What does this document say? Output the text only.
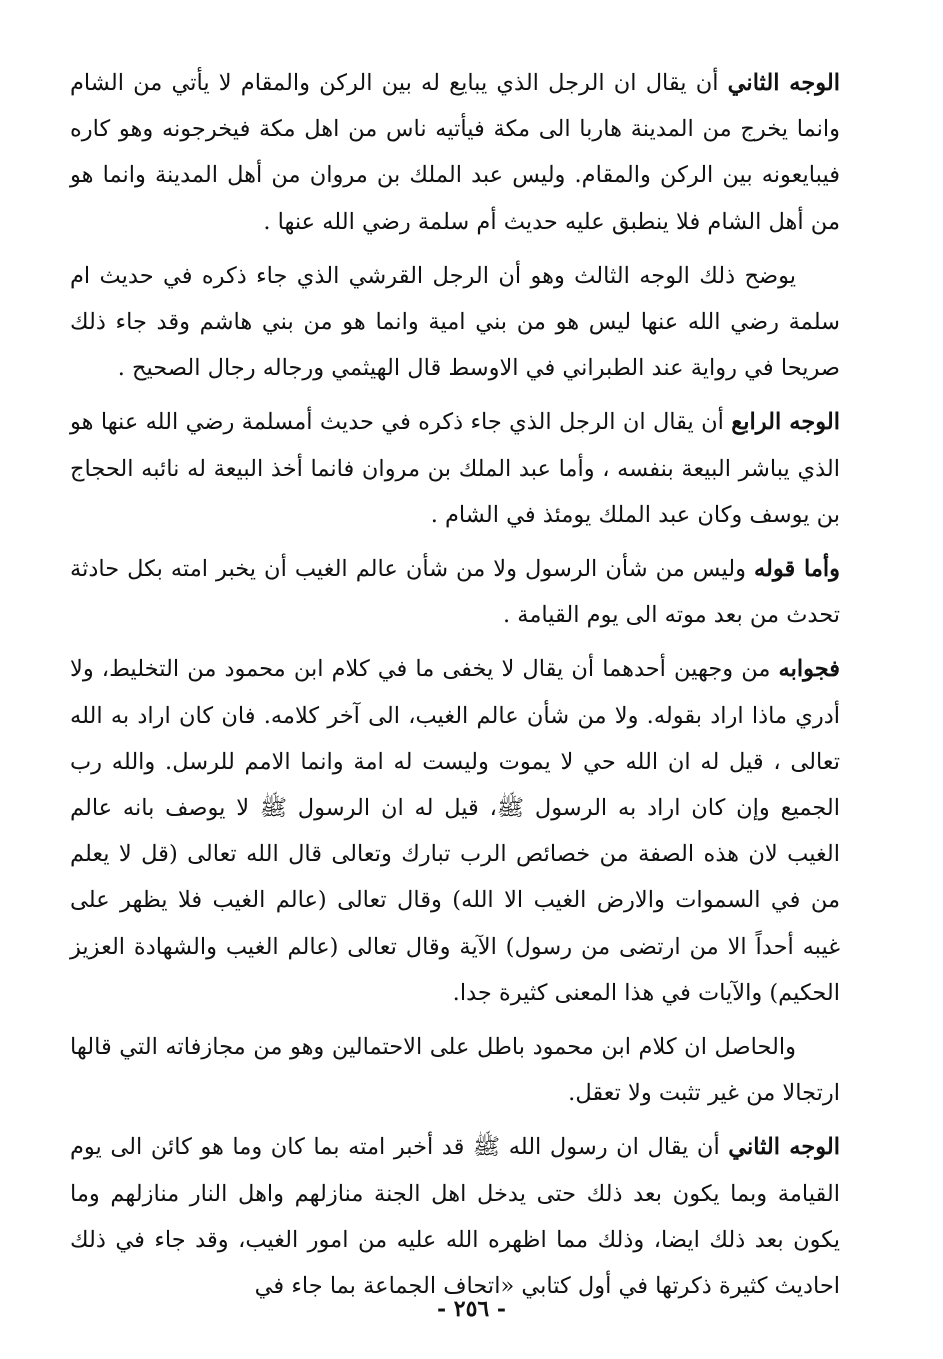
الوجه الثاني أن يقال ان الرجل الذي يبايع له بين الركن والمقام لا يأتي من الشام وانما يخرج من المدينة هاربا الى مكة فيأتيه ناس من اهل مكة فيخرجونه وهو كاره فيبايعونه بين الركن والمقام. وليس عبد الملك بن مروان من أهل المدينة وانما هو من أهل الشام فلا ينطبق عليه حديث أم سلمة رضي الله عنها .

يوضح ذلك الوجه الثالث وهو أن الرجل القرشي الذي جاء ذكره في حديث ام سلمة رضي الله عنها ليس هو من بني امية وانما هو من بني هاشم وقد جاء ذلك صريحا في رواية عند الطبراني في الاوسط قال الهيثمي ورجاله رجال الصحيح .

الوجه الرابع أن يقال ان الرجل الذي جاء ذكره في حديث أمسلمة رضي الله عنها هو الذي يباشر البيعة بنفسه ، وأما عبد الملك بن مروان فانما أخذ البيعة له نائبه الحجاج بن يوسف وكان عبد الملك يومئذ في الشام .

وأما قوله وليس من شأن الرسول ولا من شأن عالم الغيب أن يخبر امته بكل حادثة تحدث من بعد موته الى يوم القيامة .

فجوابه من وجهين أحدهما أن يقال لا يخفى ما في كلام ابن محمود من التخليط، ولا أدري ماذا اراد بقوله. ولا من شأن عالم الغيب، الى آخر كلامه. فان كان اراد به الله تعالى ، قيل له ان الله حي لا يموت وليست له امة وانما الامم للرسل. والله رب الجميع وإن كان اراد به الرسول ﷺ، قيل له ان الرسول ﷺ لا يوصف بانه عالم الغيب لان هذه الصفة من خصائص الرب تبارك وتعالى قال الله تعالى (قل لا يعلم من في السموات والارض الغيب الا الله) وقال تعالى (عالم الغيب فلا يظهر على غيبه أحداً الا من ارتضى من رسول) الآية وقال تعالى (عالم الغيب والشهادة العزيز الحكيم) والآيات في هذا المعنى كثيرة جدا.

والحاصل ان كلام ابن محمود باطل على الاحتمالين وهو من مجازفاته التي قالها ارتجالا من غير تثبت ولا تعقل.

الوجه الثاني أن يقال ان رسول الله ﷺ قد أخبر امته بما كان وما هو كائن الى يوم القيامة وبما يكون بعد ذلك حتى يدخل اهل الجنة منازلهم واهل النار منازلهم وما يكون بعد ذلك ايضا، وذلك مما اظهره الله عليه من امور الغيب، وقد جاء في ذلك احاديث كثيرة ذكرتها في أول كتابي «اتحاف الجماعة بما جاء في

- ٢٥٦ -
